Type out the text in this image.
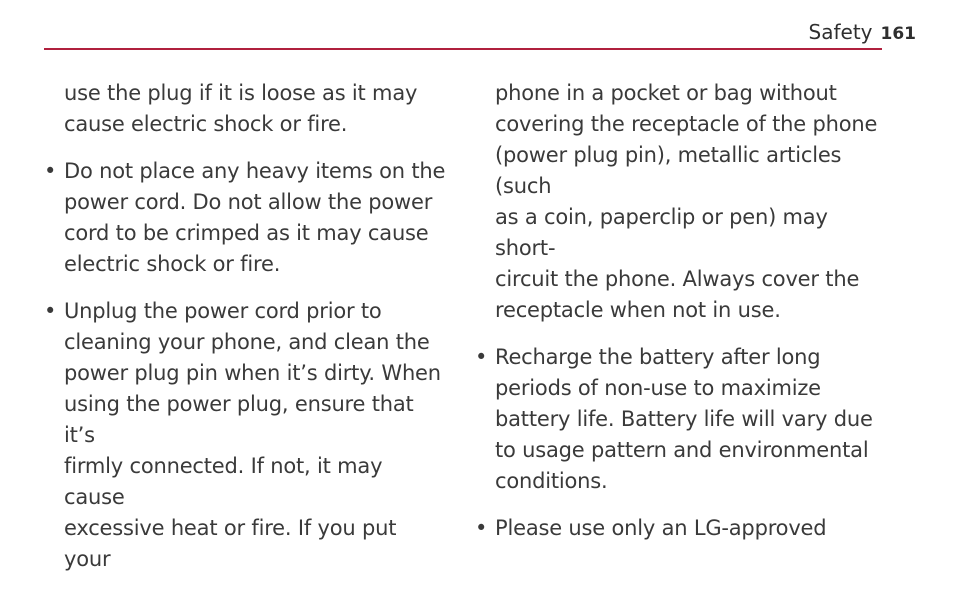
Safety 161
use the plug if it is loose as it may
cause electric shock or fire.
• Do not place any heavy items on the
power cord. Do not allow the power
cord to be crimped as it may cause
electric shock or fire.
• Unplug the power cord prior to
cleaning your phone, and clean the
power plug pin when it’s dirty. When
using the power plug, ensure that it’s
firmly connected. If not, it may cause
excessive heat or fire. If you put your
phone in a pocket or bag without
covering the receptacle of the phone
(power plug pin), metallic articles (such
as a coin, paperclip or pen) may short-
circuit the phone. Always cover the
receptacle when not in use.
• Recharge the battery after long
periods of non-use to maximize
battery life. Battery life will vary due
to usage pattern and environmental
conditions.
• Please use only an LG-approved
